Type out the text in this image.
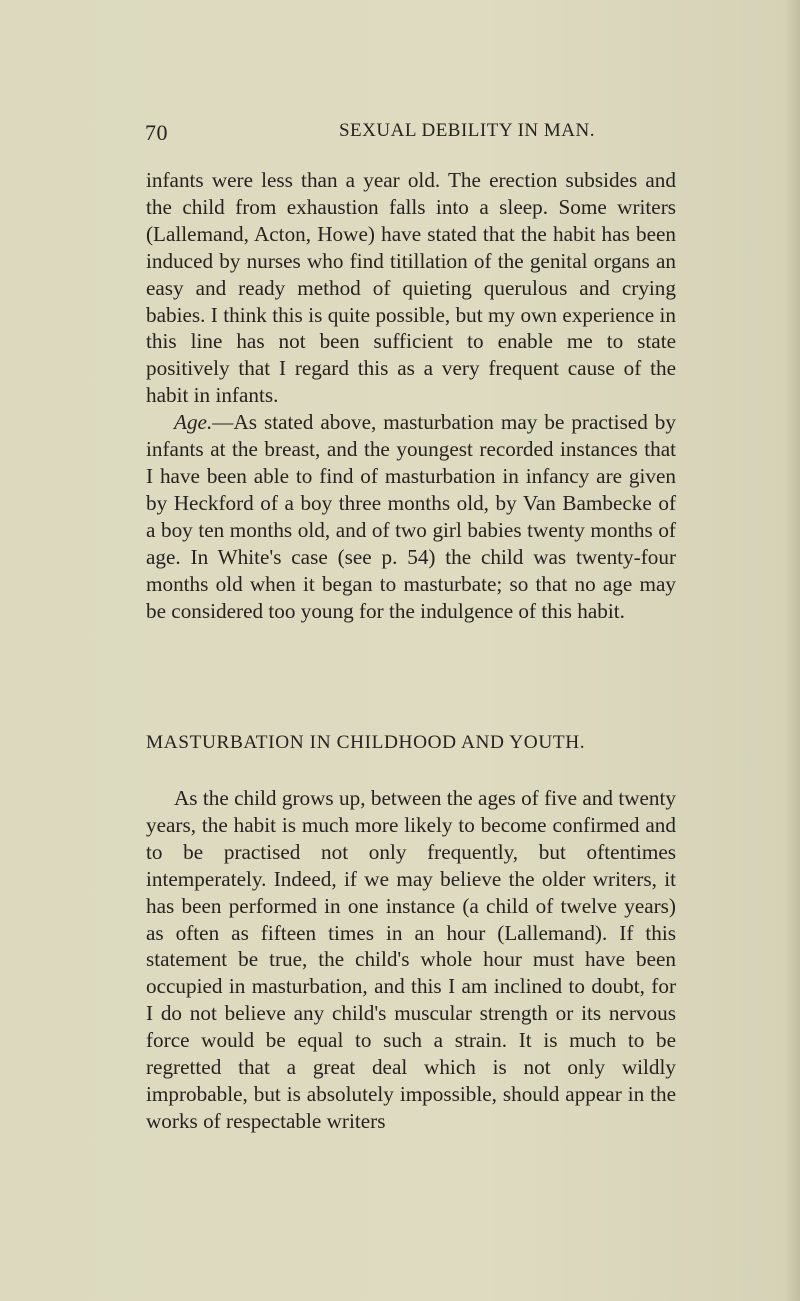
70	SEXUAL DEBILITY IN MAN.

infants were less than a year old. The erection subsides and the child from exhaustion falls into a sleep. Some writers (Lallemand, Acton, Howe) have stated that the habit has been induced by nurses who find titillation of the genital organs an easy and ready method of quieting querulous and crying babies. I think this is quite possible, but my own experience in this line has not been sufficient to enable me to state positively that I regard this as a very frequent cause of the habit in infants.

Age.—As stated above, masturbation may be practised by infants at the breast, and the youngest recorded instances that I have been able to find of masturbation in infancy are given by Heckford of a boy three months old, by Van Bambecke of a boy ten months old, and of two girl babies twenty months of age. In White's case (see p. 54) the child was twenty-four months old when it began to masturbate; so that no age may be considered too young for the indulgence of this habit.

MASTURBATION IN CHILDHOOD AND YOUTH.

As the child grows up, between the ages of five and twenty years, the habit is much more likely to become confirmed and to be practised not only frequently, but oftentimes intemperately. Indeed, if we may believe the older writers, it has been performed in one instance (a child of twelve years) as often as fifteen times in an hour (Lallemand). If this statement be true, the child's whole hour must have been occupied in masturbation, and this I am inclined to doubt, for I do not believe any child's muscular strength or its nervous force would be equal to such a strain. It is much to be regretted that a great deal which is not only wildly improbable, but is absolutely impossible, should appear in the works of respectable writers
